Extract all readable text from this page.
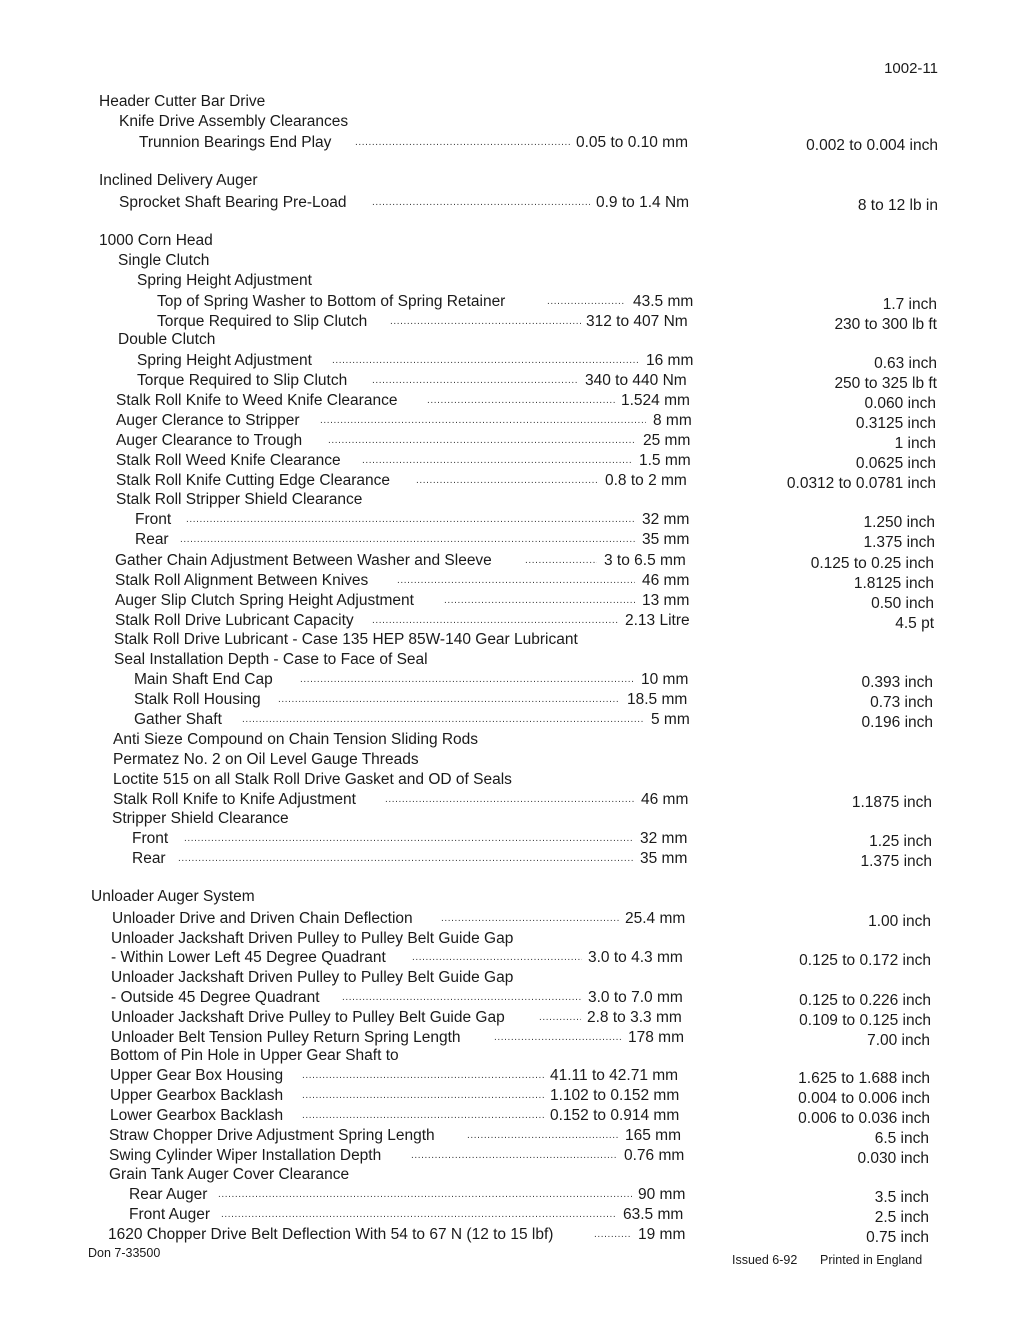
1002-11
Header Cutter Bar Drive
Knife Drive Assembly Clearances
Trunnion Bearings End Play .....	0.05 to 0.10 mm	0.002 to 0.004 inch
Inclined Delivery Auger
Sprocket Shaft Bearing Pre-Load .....	0.9 to 1.4 Nm	8 to 12 lb in
1000 Corn Head
Single Clutch
Spring Height Adjustment
Top of Spring Washer to Bottom of Spring Retainer .....	43.5 mm	1.7 inch
Torque Required to Slip Clutch .....	312 to 407 Nm	230 to 300 lb ft
Double Clutch
Spring Height Adjustment .....	16 mm	0.63 inch
Torque Required to Slip Clutch .....	340 to 440 Nm	250 to 325 lb ft
Stalk Roll Knife to Weed Knife Clearance .....	1.524 mm	0.060 inch
Auger Clerance to Stripper .....	8 mm	0.3125 inch
Auger Clearance to Trough .....	25 mm	1 inch
Stalk Roll Weed Knife Clearance .....	1.5 mm	0.0625 inch
Stalk Roll Knife Cutting Edge Clearance .....	0.8 to 2 mm	0.0312 to 0.0781 inch
Stalk Roll Stripper Shield Clearance
Front .....	32 mm	1.250 inch
Rear .....	35 mm	1.375 inch
Gather Chain Adjustment Between Washer and Sleeve .....	3 to 6.5 mm	0.125 to 0.25 inch
Stalk Roll Alignment Between Knives .....	46 mm	1.8125 inch
Auger Slip Clutch Spring Height Adjustment .....	13 mm	0.50 inch
Stalk Roll Drive Lubricant Capacity .....	2.13 Litre	4.5 pt
Stalk Roll Drive Lubricant - Case 135 HEP 85W-140 Gear Lubricant
Seal Installation Depth - Case to Face of Seal
Main Shaft End Cap .....	10 mm	0.393 inch
Stalk Roll Housing .....	18.5 mm	0.73 inch
Gather Shaft .....	5 mm	0.196 inch
Anti Sieze Compound on Chain Tension Sliding Rods
Permatez No. 2 on Oil Level Gauge Threads
Loctite 515 on all Stalk Roll Drive Gasket and OD of Seals
Stalk Roll Knife to Knife Adjustment .....	46 mm	1.1875 inch
Stripper Shield Clearance
Front .....	32 mm	1.25 inch
Rear .....	35 mm	1.375 inch
Unloader Auger System
Unloader Drive and Driven Chain Deflection .....	25.4 mm	1.00 inch
Unloader Jackshaft Driven Pulley to Pulley Belt Guide Gap
- Within Lower Left 45 Degree Quadrant .....	3.0 to 4.3 mm	0.125 to 0.172 inch
Unloader Jackshaft Driven Pulley to Pulley Belt Guide Gap
- Outside 45 Degree Quadrant .....	3.0 to 7.0 mm	0.125 to 0.226 inch
Unloader Jackshaft Drive Pulley to Pulley Belt Guide Gap .....	2.8 to 3.3 mm	0.109 to 0.125 inch
Unloader Belt Tension Pulley Return Spring Length .....	178 mm	7.00 inch
Bottom of Pin Hole in Upper Gear Shaft to
Upper Gear Box Housing .....	41.11 to 42.71 mm	1.625 to 1.688 inch
Upper Gearbox Backlash .....	1.102 to 0.152 mm	0.004 to 0.006 inch
Lower Gearbox Backlash .....	0.152 to 0.914 mm	0.006 to 0.036 inch
Straw Chopper Drive Adjustment Spring Length .....	165 mm	6.5 inch
Swing Cylinder Wiper Installation Depth .....	0.76 mm	0.030 inch
Grain Tank Auger Cover Clearance
Rear Auger .....	90 mm	3.5 inch
Front Auger .....	63.5 mm	2.5 inch
1620 Chopper Drive Belt Deflection With 54 to 67 N (12 to 15 lbf) .....	19 mm	0.75 inch
Don 7-33500	Issued 6-92 Printed in England
